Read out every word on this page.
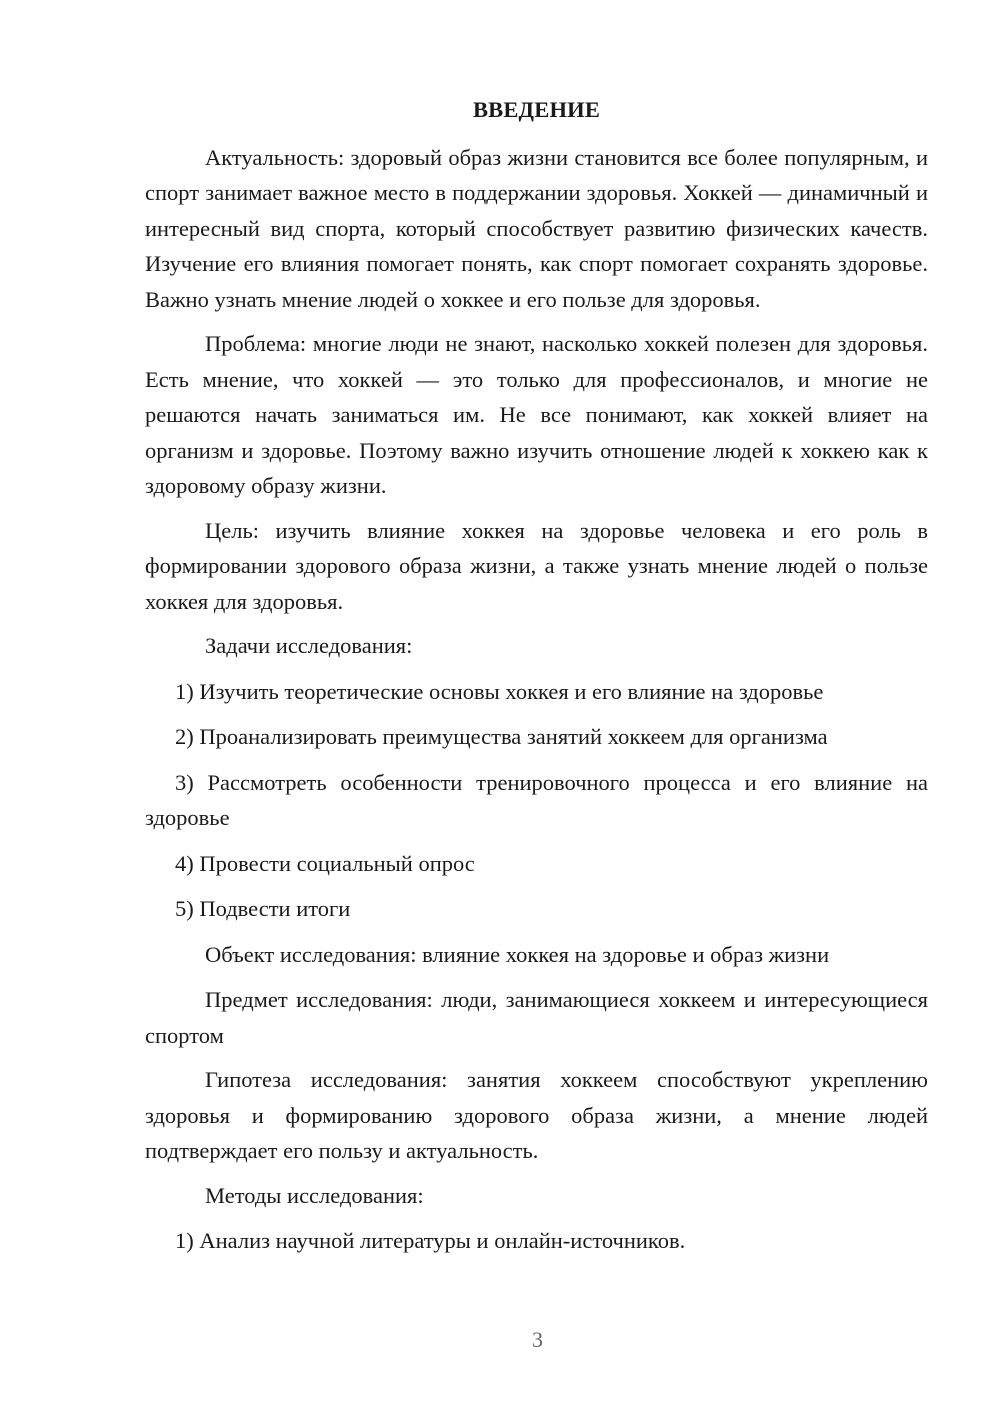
ВВЕДЕНИЕ

Актуальность: здоровый образ жизни становится все более популярным, и спорт занимает важное место в поддержании здоровья. Хоккей — динамичный и интересный вид спорта, который способствует развитию физических качеств. Изучение его влияния помогает понять, как спорт помогает сохранять здоровье. Важно узнать мнение людей о хоккее и его пользе для здоровья.

Проблема: многие люди не знают, насколько хоккей полезен для здоровья. Есть мнение, что хоккей — это только для профессионалов, и многие не решаются начать заниматься им. Не все понимают, как хоккей влияет на организм и здоровье. Поэтому важно изучить отношение людей к хоккею как к здоровому образу жизни.

Цель: изучить влияние хоккея на здоровье человека и его роль в формировании здорового образа жизни, а также узнать мнение людей о пользе хоккея для здоровья.

Задачи исследования:

1) Изучить теоретические основы хоккея и его влияние на здоровье

2) Проанализировать преимущества занятий хоккеем для организма

3) Рассмотреть особенности тренировочного процесса и его влияние на здоровье

4) Провести социальный опрос

5) Подвести итоги

Объект исследования: влияние хоккея на здоровье и образ жизни

Предмет исследования: люди, занимающиеся хоккеем и интересующиеся спортом

Гипотеза исследования: занятия хоккеем способствуют укреплению здоровья и формированию здорового образа жизни, а мнение людей подтверждает его пользу и актуальность.

Методы исследования:

1) Анализ научной литературы и онлайн-источников.

3
